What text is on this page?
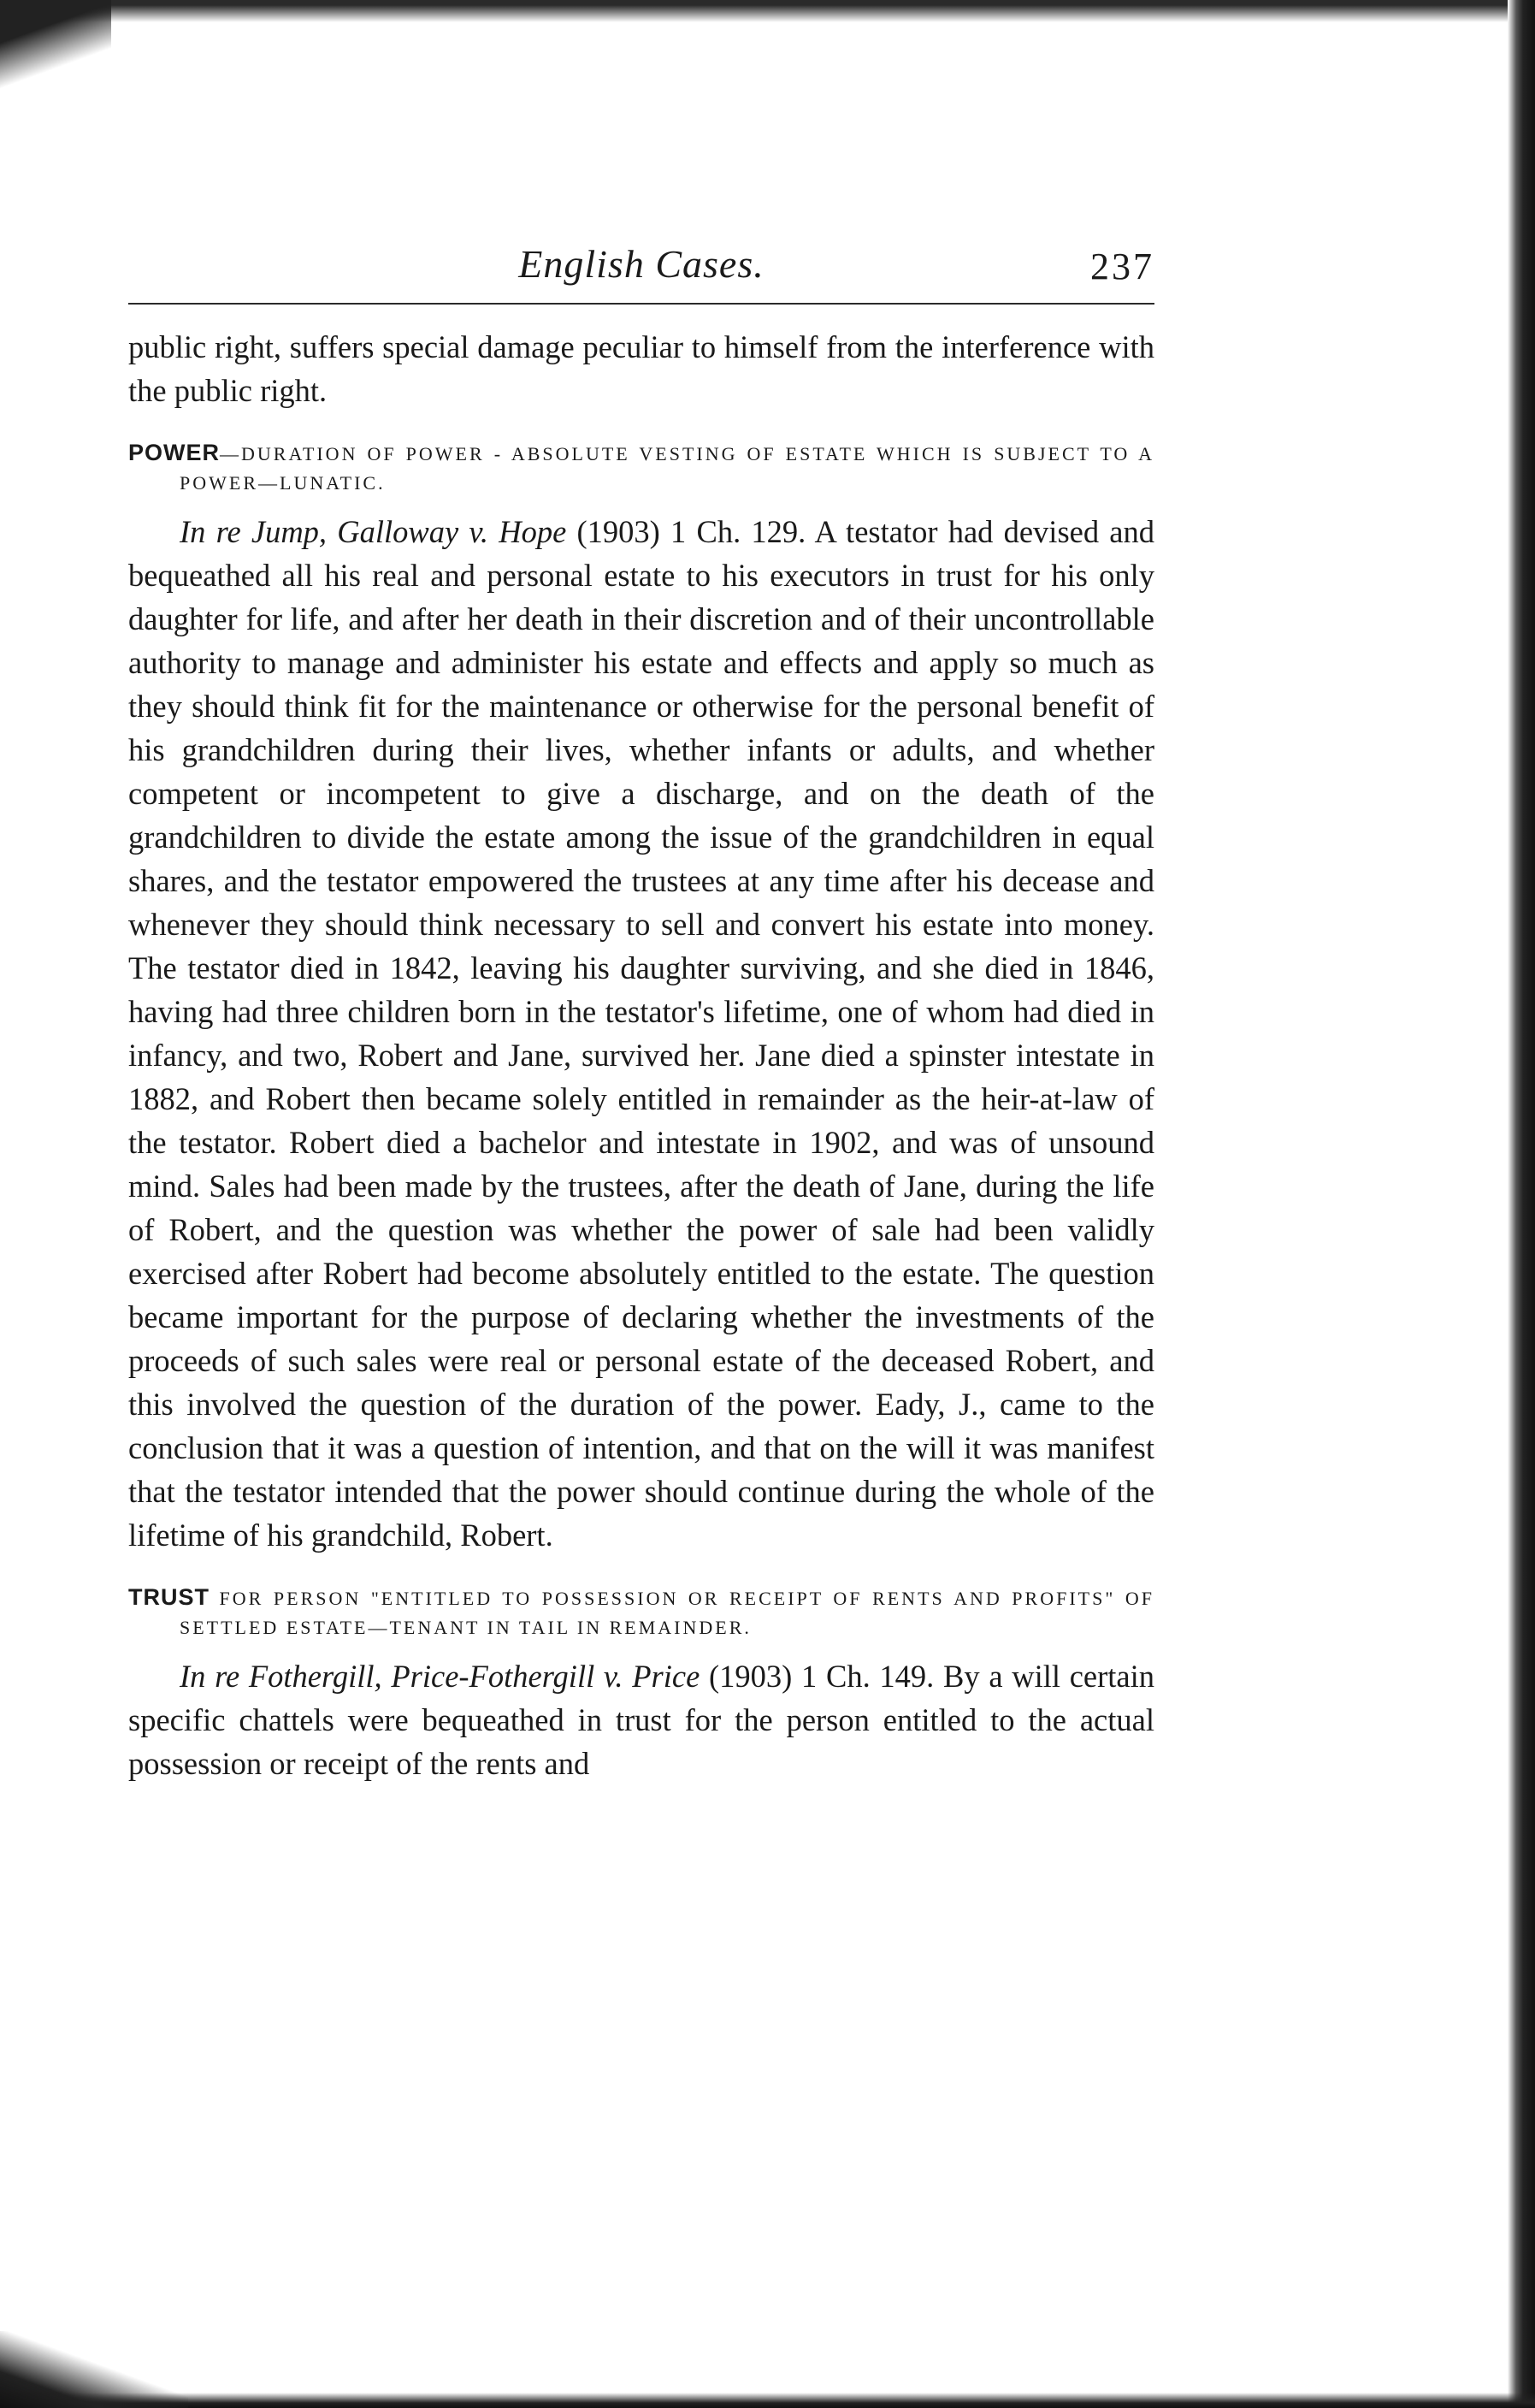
English Cases.	237

public right, suffers special damage peculiar to himself from the interference with the public right.

POWER—DURATION OF POWER - ABSOLUTE VESTING OF ESTATE WHICH IS SUBJECT TO A POWER—LUNATIC.

In re Jump, Galloway v. Hope (1903) 1 Ch. 129. A testator had devised and bequeathed all his real and personal estate to his executors in trust for his only daughter for life, and after her death in their discretion and of their uncontrollable authority to manage and administer his estate and effects and apply so much as they should think fit for the maintenance or otherwise for the personal benefit of his grandchildren during their lives, whether infants or adults, and whether competent or incompetent to give a discharge, and on the death of the grandchildren to divide the estate among the issue of the grandchildren in equal shares, and the testator empowered the trustees at any time after his decease and whenever they should think necessary to sell and convert his estate into money. The testator died in 1842, leaving his daughter surviving, and she died in 1846, having had three children born in the testator's lifetime, one of whom had died in infancy, and two, Robert and Jane, survived her. Jane died a spinster intestate in 1882, and Robert then became solely entitled in remainder as the heir-at-law of the testator. Robert died a bachelor and intestate in 1902, and was of unsound mind. Sales had been made by the trustees, after the death of Jane, during the life of Robert, and the question was whether the power of sale had been validly exercised after Robert had become absolutely entitled to the estate. The question became important for the purpose of declaring whether the investments of the proceeds of such sales were real or personal estate of the deceased Robert, and this involved the question of the duration of the power. Eady, J., came to the conclusion that it was a question of intention, and that on the will it was manifest that the testator intended that the power should continue during the whole of the lifetime of his grandchild, Robert.

TRUST FOR PERSON "ENTITLED TO POSSESSION OR RECEIPT OF RENTS AND PROFITS" OF SETTLED ESTATE—TENANT IN TAIL IN REMAINDER.

In re Fothergill, Price-Fothergill v. Price (1903) 1 Ch. 149. By a will certain specific chattels were bequeathed in trust for the person entitled to the actual possession or receipt of the rents and
